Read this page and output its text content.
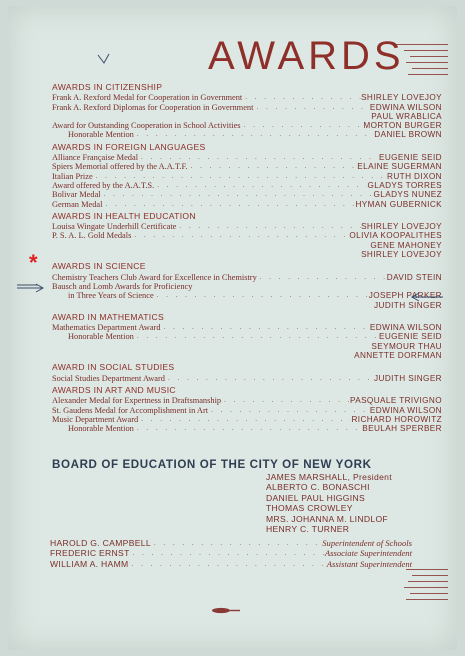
AWARDS
AWARDS IN CITIZENSHIP
Frank A. Rexford Medal for Cooperation in Government . . .	SHIRLEY LOVEJOY
Frank A. Rexford Diplomas for Cooperation in Government . . .	EDWINA WILSON
PAUL WRABLICA
Award for Outstanding Cooperation in School Activities . . .	MORTON BURGER
Honorable Mention . . .	DANIEL BROWN
AWARDS IN FOREIGN LANGUAGES
Alliance Française Medal . . .	EUGENIE SEID
Spiers Memorial offered by the A.A.T.F. . . .	ELAINE SUGERMAN
Italian Prize . . .	RUTH DIXON
Award offered by the A.A.T.S. . . .	GLADYS TORRES
Bolivar Medal . . .	GLADYS NUNEZ
German Medal . . .	HYMAN GUBERNICK
AWARDS IN HEALTH EDUCATION
Louisa Wingate Underhill Certificate . . .	SHIRLEY LOVEJOY
P. S. A. L. Gold Medals . . .	OLIVIA KOOPALITHES
GENE MAHONEY
SHIRLEY LOVEJOY
AWARDS IN SCIENCE
Chemistry Teachers Club Award for Excellence in Chemistry . . .	DAVID STEIN
Bausch and Lomb Awards for Proficiency
in Three Years of Science . . .	JOSEPH PARKER
JUDITH SINGER
AWARD IN MATHEMATICS
Mathematics Department Award . . .	EDWINA WILSON
Honorable Mention . . .	EUGENIE SEID
SEYMOUR THAU
ANNETTE DORFMAN
AWARD IN SOCIAL STUDIES
Social Studies Department Award . . .	JUDITH SINGER
AWARDS IN ART AND MUSIC
Alexander Medal for Expertness in Draftsmanship . . .	PASQUALE TRIVIGNO
St. Gaudens Medal for Accomplishment in Art . . .	EDWINA WILSON
Music Department Award . . .	RICHARD HOROWITZ
Honorable Mention . . .	BEULAH SPERBER
BOARD OF EDUCATION OF THE CITY OF NEW YORK
JAMES MARSHALL, President
ALBERTO C. BONASCHI
DANIEL PAUL HIGGINS
THOMAS CROWLEY
MRS. JOHANNA M. LINDLOF
HENRY C. TURNER
HAROLD G. CAMPBELL . . .	Superintendent of Schools
FREDERIC ERNST . . .	Associate Superintendent
WILLIAM A. HAMM . . .	Assistant Superintendent
*
